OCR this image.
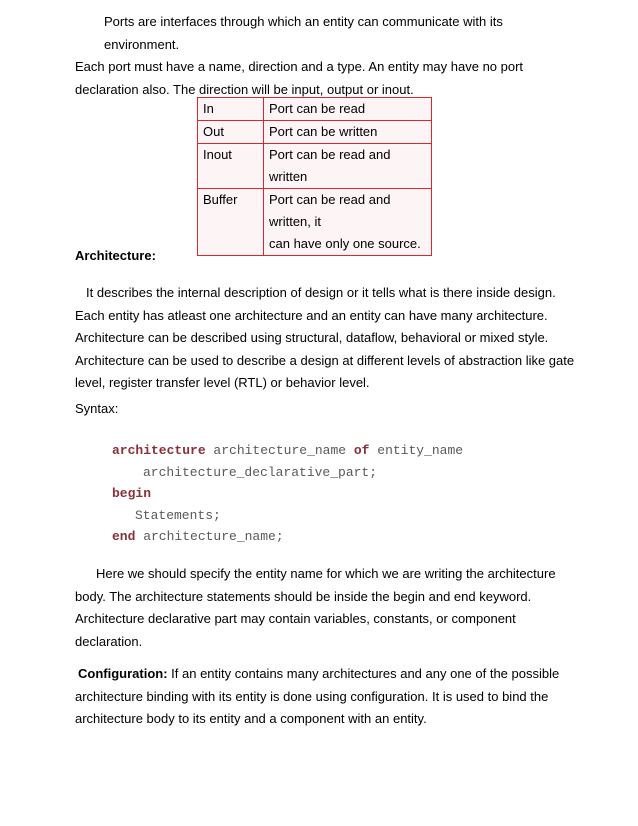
Ports are interfaces through which an entity can communicate with its environment.
Each port must have a name, direction and a type. An entity may have no port
declaration also. The direction will be input, output or inout.
In	Port can be read
Out	Port can be written
Inout	Port can be read and written
Buffer	Port can be read and
written, it
can have only one source.
Architecture:
It describes the internal description of design or it tells what is there inside design.
Each entity has atleast one architecture and an entity can have many architecture.
Architecture can be described using structural, dataflow, behavioral or mixed style.
Architecture can be used to describe a design at different levels of abstraction like gate
level, register transfer level (RTL) or behavior level.
Syntax:
architecture architecture_name of entity_name
architecture_declarative_part;
begin
Statements;
end architecture_name;
Here we should specify the entity name for which we are writing the architecture
body. The architecture statements should be inside the begin and end keyword.
Architecture declarative part may contain variables, constants, or component
declaration.
Configuration: If an entity contains many architectures and any one of the possible
architecture binding with its entity is done using configuration. It is used to bind the
architecture body to its entity and a component with an entity.
